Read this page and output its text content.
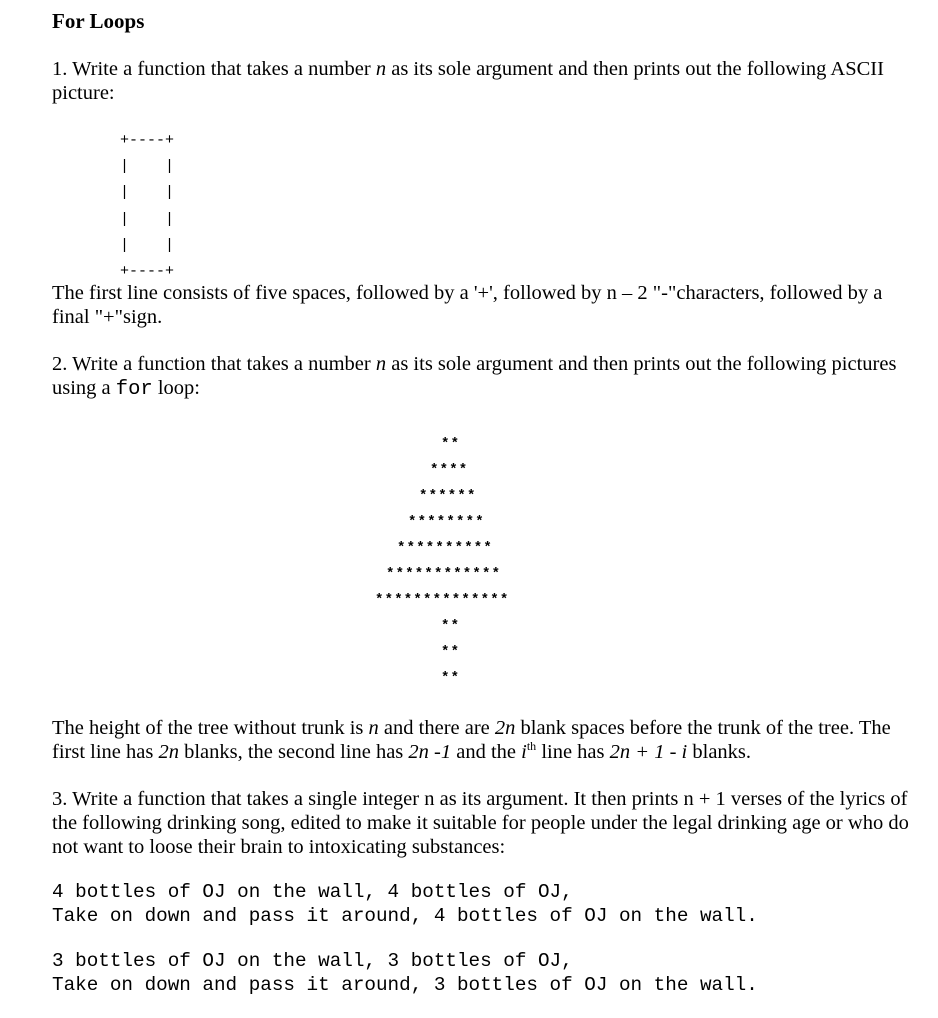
For Loops

1. Write a function that takes a number n as its sole argument and then prints out the following ASCII picture:

+----+
|    |
|    |
|    |
|    |
+----+

The first line consists of five spaces, followed by a '+', followed by n – 2 "-"characters, followed by a final "+"sign.

2. Write a function that takes a number n as its sole argument and then prints out the following pictures using a for loop:

**
****
******
********
**********
************
**************
**
**
**

The height of the tree without trunk is n and there are 2n blank spaces before the trunk of the tree. The first line has 2n blanks, the second line has 2n -1 and the $i^{th}$ line has 2n + 1 - i blanks.

3. Write a function that takes a single integer n as its argument. It then prints n + 1 verses of the lyrics of the following drinking song, edited to make it suitable for people under the legal drinking age or who do not want to loose their brain to intoxicating substances:

4 bottles of OJ on the wall, 4 bottles of OJ,
Take on down and pass it around, 4 bottles of OJ on the wall.
3 bottles of OJ on the wall, 3 bottles of OJ,
Take on down and pass it around, 3 bottles of OJ on the wall.
